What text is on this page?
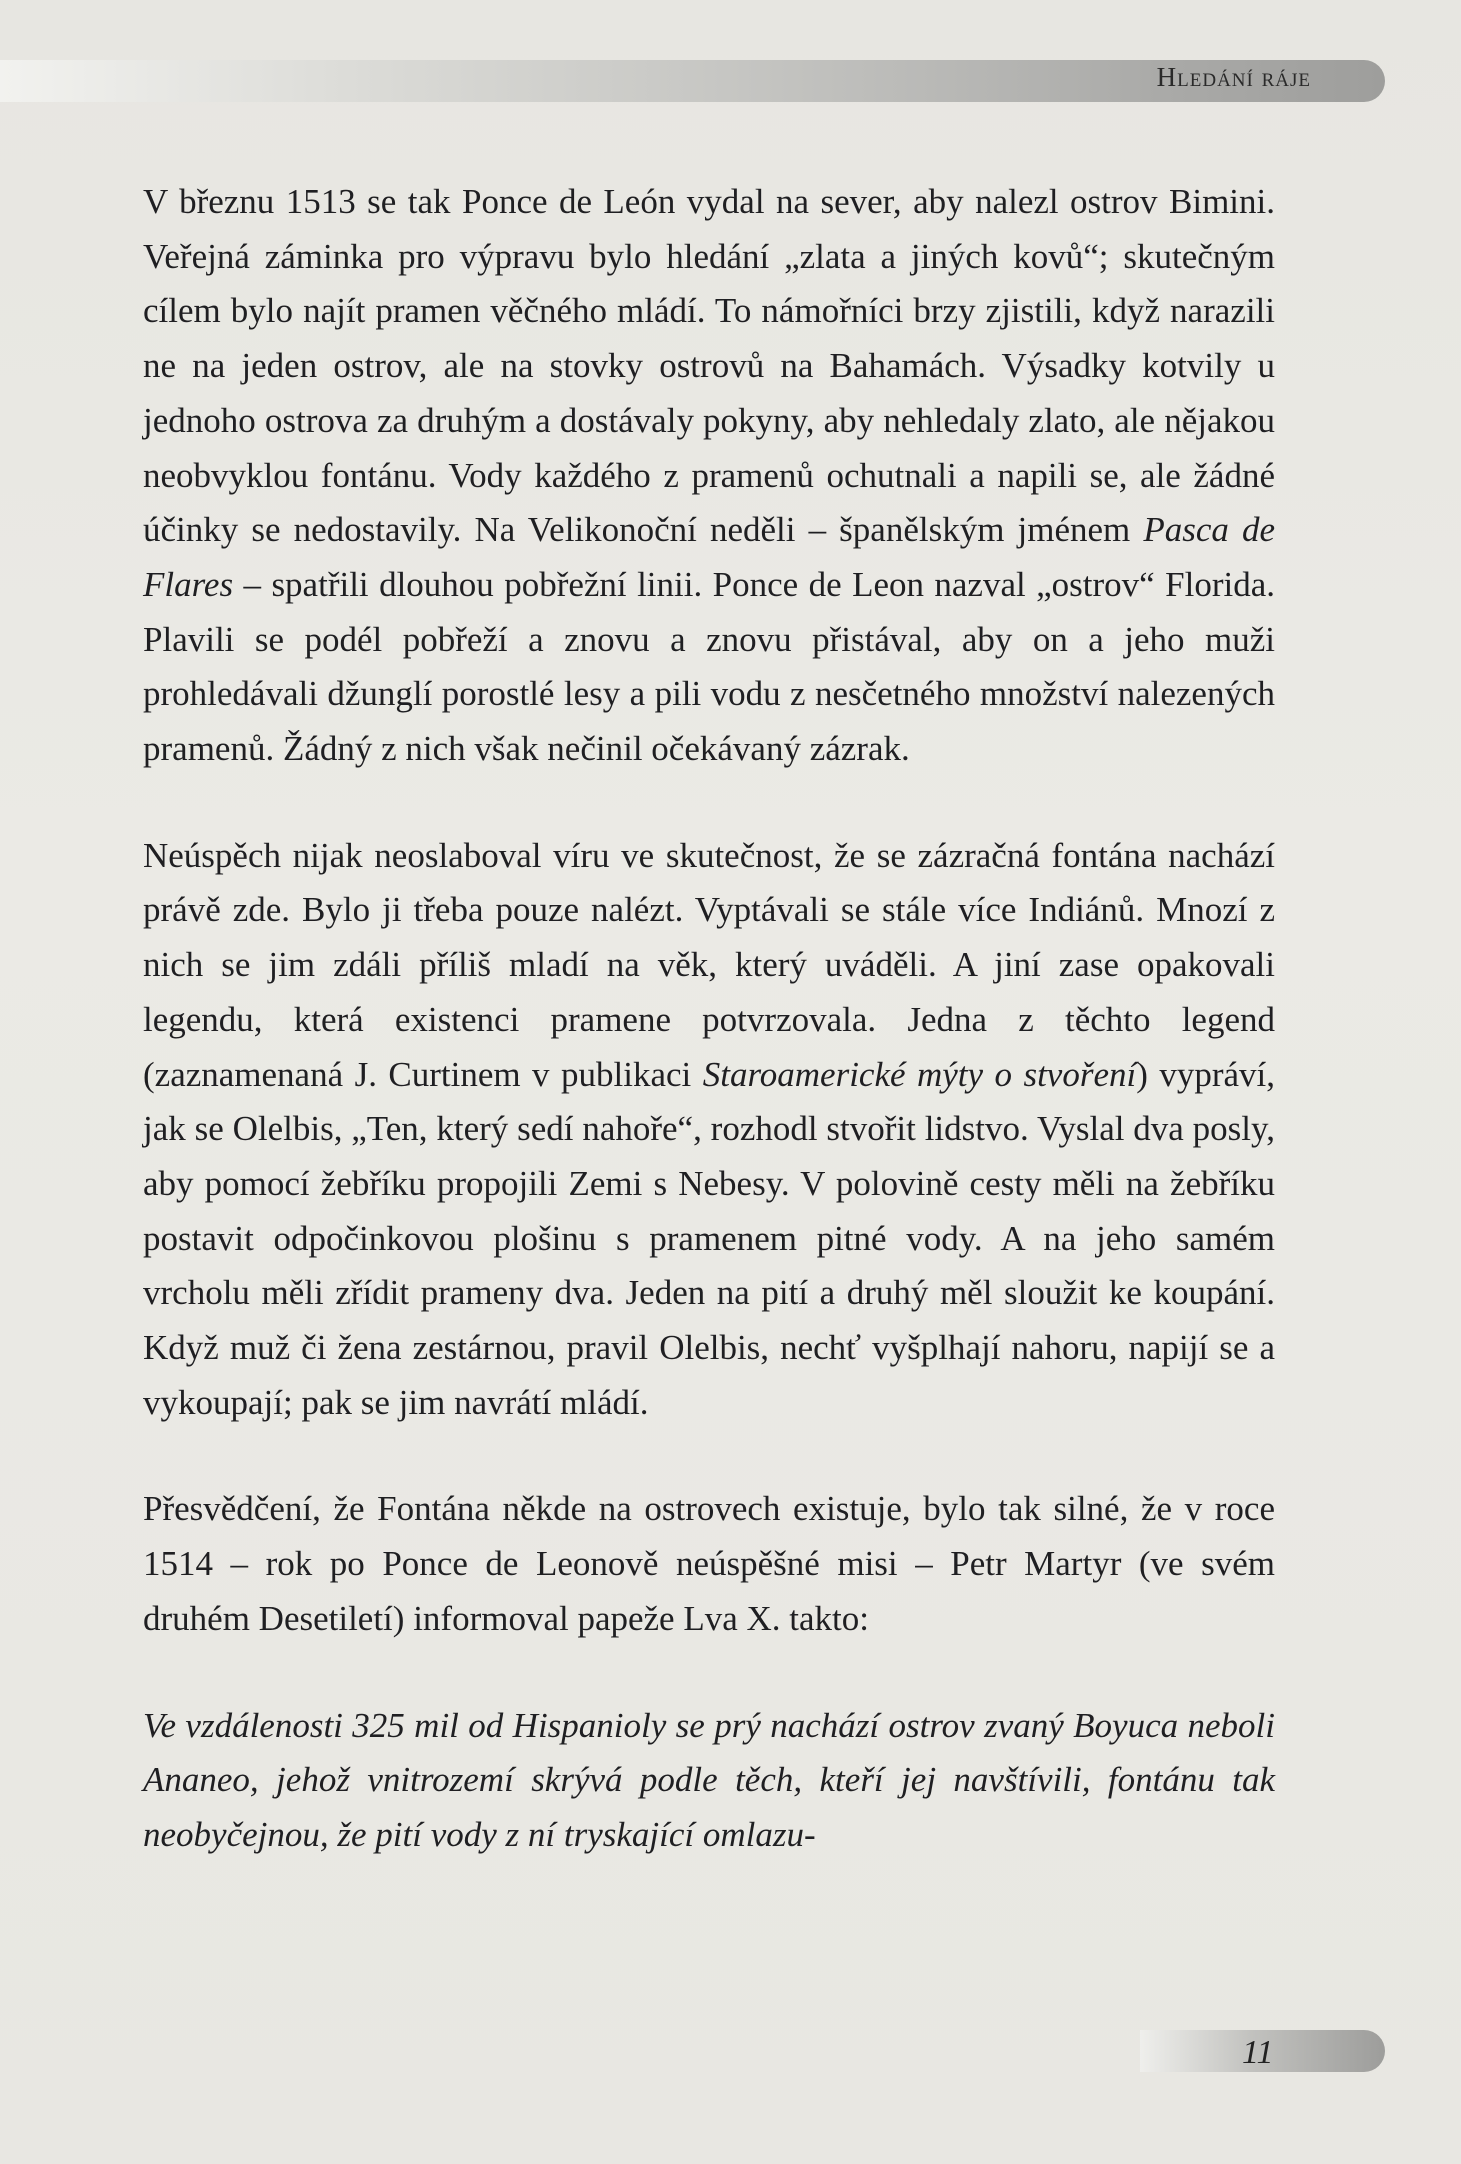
Hledání ráje

V březnu 1513 se tak Ponce de León vydal na sever, aby nalezl ostrov Bimini. Veřejná záminka pro výpravu bylo hledání „zlata a jiných kovů“; skutečným cílem bylo najít pramen věčného mládí. To námořníci brzy zjistili, když narazili ne na jeden ostrov, ale na stovky ostrovů na Bahamách. Výsadky kotvily u jednoho ostrova za druhým a dostávaly pokyny, aby nehledaly zlato, ale nějakou neobvyklou fontánu. Vody každého z pramenů ochutnali a napili se, ale žádné účinky se nedostavily. Na Velikonoční neděli – španělským jménem Pasca de Flares – spatřili dlouhou pobřežní linii. Ponce de Leon nazval „ostrov“ Florida. Plavili se podél pobřeží a znovu a znovu přistával, aby on a jeho muži prohledávali džunglí porostlé lesy a pili vodu z nesčetného množství nalezených pramenů. Žádný z nich však nečinil očekávaný zázrak.

Neúspěch nijak neoslaboval víru ve skutečnost, že se zázračná fontána nachází právě zde. Bylo ji třeba pouze nalézt. Vyptávali se stále více Indiánů. Mnozí z nich se jim zdáli příliš mladí na věk, který uváděli. A jiní zase opakovali legendu, která existenci pramene potvrzovala. Jedna z těchto legend (zaznamenaná J. Curtinem v publikaci Staroamerické mýty o stvoření) vypráví, jak se Olelbis, „Ten, který sedí nahoře“, rozhodl stvořit lidstvo. Vyslal dva posly, aby pomocí žebříku propojili Zemi s Nebesy. V polovině cesty měli na žebříku postavit odpočinkovou plošinu s pramenem pitné vody. A na jeho samém vrcholu měli zřídit prameny dva. Jeden na pití a druhý měl sloužit ke koupání. Když muž či žena zestárnou, pravil Olelbis, nechť vyšplhají nahoru, napijí se a vykoupají; pak se jim navrátí mládí.

Přesvědčení, že Fontána někde na ostrovech existuje, bylo tak silné, že v roce 1514 – rok po Ponce de Leonově neúspěšné misi – Petr Martyr (ve svém druhém Desetiletí) informoval papeže Lva X. takto:

Ve vzdálenosti 325 mil od Hispanioly se prý nachází ostrov zvaný Boyuca neboli Ananeo, jehož vnitrozemí skrývá podle těch, kteří jej navštívili, fontánu tak neobyčejnou, že pití vody z ní tryskající omlazu-

11
